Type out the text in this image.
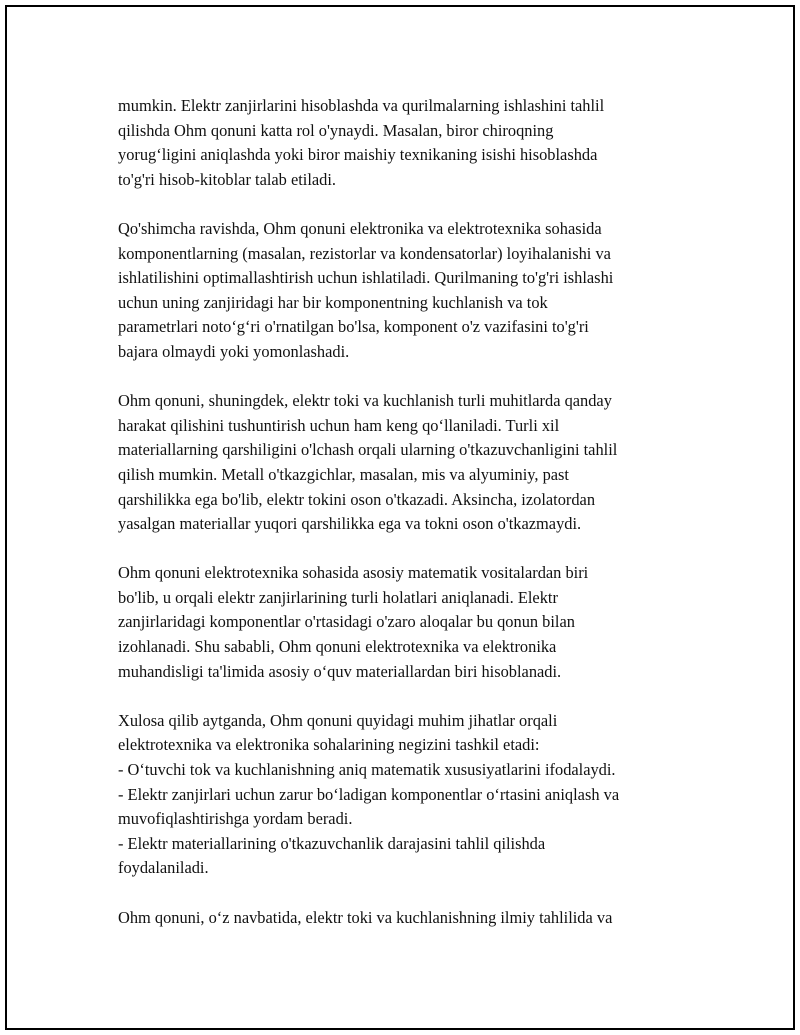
mumkin. Elektr zanjirlarini hisoblashda va qurilmalarning ishlashini tahlil
qilishda Ohm qonuni katta rol o'ynaydi. Masalan, biror chiroqning
yorug‘ligini aniqlashda yoki biror maishiy texnikaning isishi hisoblashda
to'g'ri hisob-kitoblar talab etiladi.

Qo'shimcha ravishda, Ohm qonuni elektronika va elektrotexnika sohasida
komponentlarning (masalan, rezistorlar va kondensatorlar) loyihalanishi va
ishlatilishini optimallashtirish uchun ishlatiladi. Qurilmaning to'g'ri ishlashi
uchun uning zanjiridagi har bir komponentning kuchlanish va tok
parametrlari noto‘g‘ri o'rnatilgan bo'lsa, komponent o'z vazifasini to'g'ri
bajara olmaydi yoki yomonlashadi.

Ohm qonuni, shuningdek, elektr toki va kuchlanish turli muhitlarda qanday
harakat qilishini tushuntirish uchun ham keng qo‘llaniladi. Turli xil
materiallarning qarshiligini o'lchash orqali ularning o'tkazuvchanligini tahlil
qilish mumkin. Metall o'tkazgichlar, masalan, mis va alyuminiy, past
qarshilikka ega bo'lib, elektr tokini oson o'tkazadi. Aksincha, izolatordan
yasalgan materiallar yuqori qarshilikka ega va tokni oson o'tkazmaydi.

Ohm qonuni elektrotexnika sohasida asosiy matematik vositalardan biri
bo'lib, u orqali elektr zanjirlarining turli holatlari aniqlanadi. Elektr
zanjirlaridagi komponentlar o'rtasidagi o'zaro aloqalar bu qonun bilan
izohlanadi. Shu sababli, Ohm qonuni elektrotexnika va elektronika
muhandisligi ta'limida asosiy o‘quv materiallardan biri hisoblanadi.

Xulosa qilib aytganda, Ohm qonuni quyidagi muhim jihatlar orqali
elektrotexnika va elektronika sohalarining negizini tashkil etadi:
- O‘tuvchi tok va kuchlanishning aniq matematik xususiyatlarini ifodalaydi.
- Elektr zanjirlari uchun zarur bo‘ladigan komponentlar o‘rtasini aniqlash va
muvofiqlashtirishga yordam beradi.
- Elektr materiallarining o'tkazuvchanlik darajasini tahlil qilishda
foydalaniladi.

Ohm qonuni, o‘z navbatida, elektr toki va kuchlanishning ilmiy tahlilida va
